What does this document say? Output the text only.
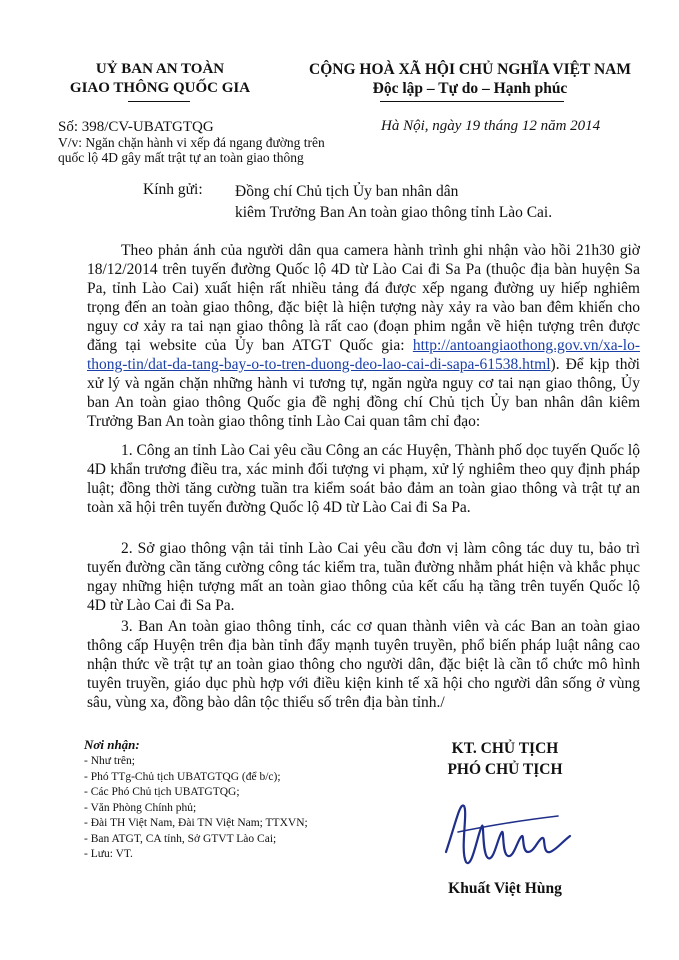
UỶ BAN AN TOÀN
GIAO THÔNG QUỐC GIA
CỘNG HOÀ XÃ HỘI CHỦ NGHĨA VIỆT NAM
Độc lập – Tự do – Hạnh phúc
Số: 398/CV-UBATGTQG
V/v: Ngăn chặn hành vi xếp đá ngang đường trên quốc lộ 4D gây mất trật tự an toàn giao thông
Hà Nội, ngày 19 tháng 12 năm 2014
Kính gửi: Đồng chí Chủ tịch Ủy ban nhân dân
kiêm Trưởng Ban An toàn giao thông tỉnh Lào Cai.

Theo phản ánh của người dân qua camera hành trình ghi nhận vào hồi 21h30 giờ 18/12/2014 trên tuyến đường Quốc lộ 4D từ Lào Cai đi Sa Pa (thuộc địa bàn huyện Sa Pa, tỉnh Lào Cai) xuất hiện rất nhiều tảng đá được xếp ngang đường uy hiếp nghiêm trọng đến an toàn giao thông, đặc biệt là hiện tượng này xảy ra vào ban đêm khiến cho nguy cơ xảy ra tai nạn giao thông là rất cao (đoạn phim ngắn về hiện tượng trên được đăng tại website của Ủy ban ATGT Quốc gia: http://antoangiaothong.gov.vn/xa-lo-thong-tin/dat-da-tang-bay-o-to-tren-duong-deo-lao-cai-di-sapa-61538.html). Để kịp thời xử lý và ngăn chặn những hành vi tương tự, ngăn ngừa nguy cơ tai nạn giao thông, Ủy ban An toàn giao thông Quốc gia đề nghị đồng chí Chủ tịch Ủy ban nhân dân kiêm Trưởng Ban An toàn giao thông tỉnh Lào Cai quan tâm chỉ đạo:

1. Công an tỉnh Lào Cai yêu cầu Công an các Huyện, Thành phố dọc tuyến Quốc lộ 4D khẩn trương điều tra, xác minh đối tượng vi phạm, xử lý nghiêm theo quy định pháp luật; đồng thời tăng cường tuần tra kiểm soát bảo đảm an toàn giao thông và trật tự an toàn xã hội trên tuyến đường Quốc lộ 4D từ Lào Cai đi Sa Pa.

2. Sở giao thông vận tải tỉnh Lào Cai yêu cầu đơn vị làm công tác duy tu, bảo trì tuyến đường cần tăng cường công tác kiểm tra, tuần đường nhằm phát hiện và khắc phục ngay những hiện tượng mất an toàn giao thông của kết cấu hạ tầng trên tuyến Quốc lộ 4D từ Lào Cai đi Sa Pa.

3. Ban An toàn giao thông tỉnh, các cơ quan thành viên và các Ban an toàn giao thông cấp Huyện trên địa bàn tỉnh đẩy mạnh tuyên truyền, phổ biến pháp luật nâng cao nhận thức về trật tự an toàn giao thông cho người dân, đặc biệt là cần tổ chức mô hình tuyên truyền, giáo dục phù hợp với điều kiện kinh tế xã hội cho người dân sống ở vùng sâu, vùng xa, đồng bào dân tộc thiểu số trên địa bàn tỉnh./

Nơi nhận:
- Như trên;
- Phó TTg-Chủ tịch UBATGTQG (để b/c);
- Các Phó Chủ tịch UBATGTQG;
- Văn Phòng Chính phủ;
- Đài TH Việt Nam, Đài TN Việt Nam; TTXVN;
- Ban ATGT, CA tỉnh, Sở GTVT Lào Cai;
- Lưu: VT.
KT. CHỦ TỊCH
PHÓ CHỦ TỊCH
Khuất Việt Hùng
